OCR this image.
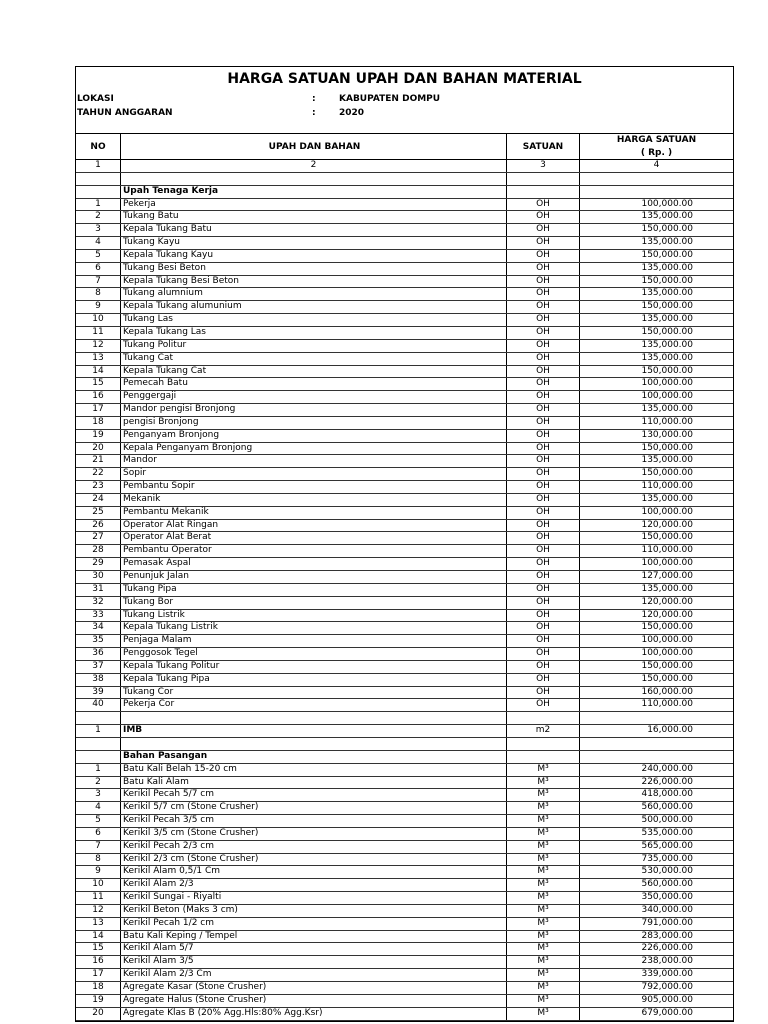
HARGA SATUAN UPAH DAN BAHAN MATERIAL
LOKASI	:	KABUPATEN DOMPU
TAHUN ANGGARAN	:	2020
NO	UPAH DAN BAHAN	SATUAN
HARGA SATUAN
( Rp. )
1	2	3	4
Upah Tenaga Kerja
1	Pekerja	OH	100,000.00
2	Tukang Batu	OH	135,000.00
3	Kepala Tukang Batu	OH	150,000.00
4	Tukang Kayu	OH	135,000.00
5	Kepala Tukang Kayu	OH	150,000.00
6	Tukang Besi Beton	OH	135,000.00
7	Kepala Tukang Besi Beton	OH	150,000.00
8	Tukang alumnium	OH	135,000.00
9	Kepala Tukang alumunium	OH	150,000.00
10	Tukang Las	OH	135,000.00
11	Kepala Tukang Las	OH	150,000.00
12	Tukang Politur	OH	135,000.00
13	Tukang Cat	OH	135,000.00
14	Kepala Tukang Cat	OH	150,000.00
15	Pemecah Batu	OH	100,000.00
16	Penggergaji	OH	100,000.00
17	Mandor pengisi Bronjong	OH	135,000.00
18	pengisi Bronjong	OH	110,000.00
19	Penganyam Bronjong	OH	130,000.00
20	Kepala Penganyam Bronjong	OH	150,000.00
21	Mandor	OH	135,000.00
22	Sopir	OH	150,000.00
23	Pembantu Sopir	OH	110,000.00
24	Mekanik	OH	135,000.00
25	Pembantu Mekanik	OH	100,000.00
26	Operator Alat Ringan	OH	120,000.00
27	Operator Alat Berat	OH	150,000.00
28	Pembantu Operator	OH	110,000.00
29	Pemasak Aspal	OH	100,000.00
30	Penunjuk Jalan	OH	127,000.00
31	Tukang Pipa	OH	135,000.00
32	Tukang Bor	OH	120,000.00
33	Tukang Listrik	OH	120,000.00
34	Kepala Tukang Listrik	OH	150,000.00
35	Penjaga Malam	OH	100,000.00
36	Penggosok Tegel	OH	100,000.00
37	Kepala Tukang Politur	OH	150,000.00
38	Kepala Tukang Pipa	OH	150,000.00
39	Tukang Cor	OH	160,000.00
40	Pekerja Cor	OH	110,000.00
1	IMB	m2	16,000.00
Bahan Pasangan
1	Batu Kali Belah 15-20 cm	M³	240,000.00
2	Batu Kali Alam	M³	226,000.00
3	Kerikil Pecah 5/7 cm	M³	418,000.00
4	Kerikil 5/7 cm (Stone Crusher)	M³	560,000.00
5	Kerikil Pecah 3/5 cm	M³	500,000.00
6	Kerikil 3/5 cm (Stone Crusher)	M³	535,000.00
7	Kerikil Pecah 2/3 cm	M³	565,000.00
8	Kerikil 2/3 cm (Stone Crusher)	M³	735,000.00
9	Kerikil Alam 0,5/1 Cm	M³	530,000.00
10	Kerikil Alam 2/3	M³	560,000.00
11	Kerikil Sungai - Riyalti	M³	350,000.00
12	Kerikil Beton (Maks 3 cm)	M³	340,000.00
13	Kerikil Pecah 1/2 cm	M³	791,000.00
14	Batu Kali Keping / Tempel	M³	283,000.00
15	Kerikil Alam 5/7	M³	226,000.00
16	Kerikil Alam 3/5	M³	238,000.00
17	Kerikil Alam 2/3 Cm	M³	339,000.00
18	Agregate Kasar (Stone Crusher)	M³	792,000.00
19	Agregate Halus (Stone Crusher)	M³	905,000.00
20	Agregate Klas B (20% Agg.Hls:80% Agg.Ksr)	M³	679,000.00
